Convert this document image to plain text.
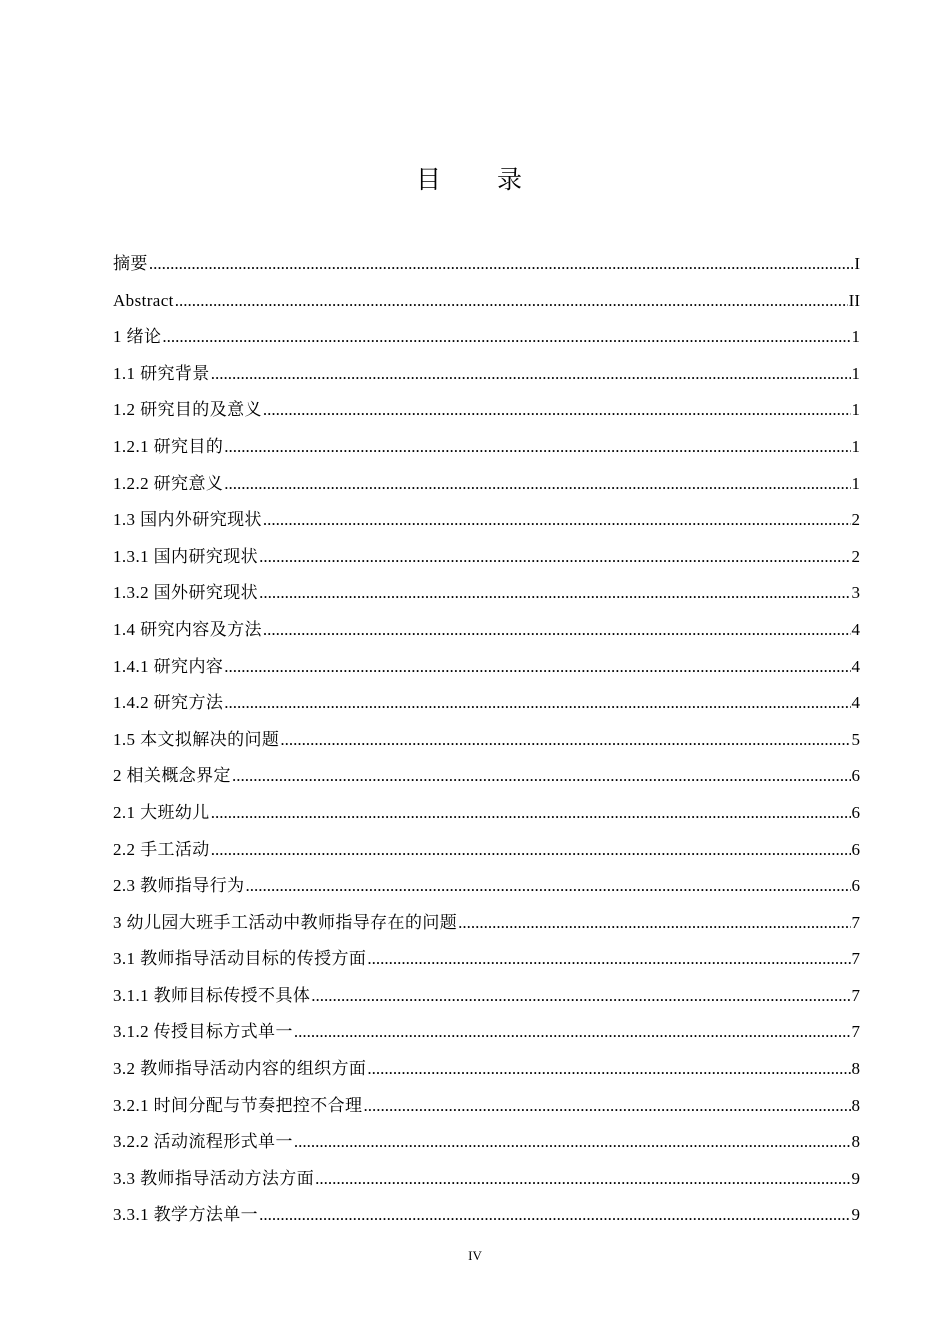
目 录
摘要 .....	I
Abstract .....	II
1 绪论 .....	1
1.1 研究背景 .....	1
1.2 研究目的及意义 .....	1
1.2.1 研究目的 .....	1
1.2.2 研究意义 .....	1
1.3 国内外研究现状 .....	2
1.3.1 国内研究现状 .....	2
1.3.2 国外研究现状 .....	3
1.4 研究内容及方法 .....	4
1.4.1 研究内容 .....	4
1.4.2 研究方法 .....	4
1.5 本文拟解决的问题 .....	5
2 相关概念界定 .....	6
2.1 大班幼儿 .....	6
2.2 手工活动 .....	6
2.3 教师指导行为 .....	6
3 幼儿园大班手工活动中教师指导存在的问题 .....	7
3.1 教师指导活动目标的传授方面 .....	7
3.1.1 教师目标传授不具体 .....	7
3.1.2 传授目标方式单一 .....	7
3.2 教师指导活动内容的组织方面 .....	8
3.2.1 时间分配与节奏把控不合理 .....	8
3.2.2 活动流程形式单一 .....	8
3.3 教师指导活动方法方面 .....	9
3.3.1 教学方法单一 .....	9
IV
